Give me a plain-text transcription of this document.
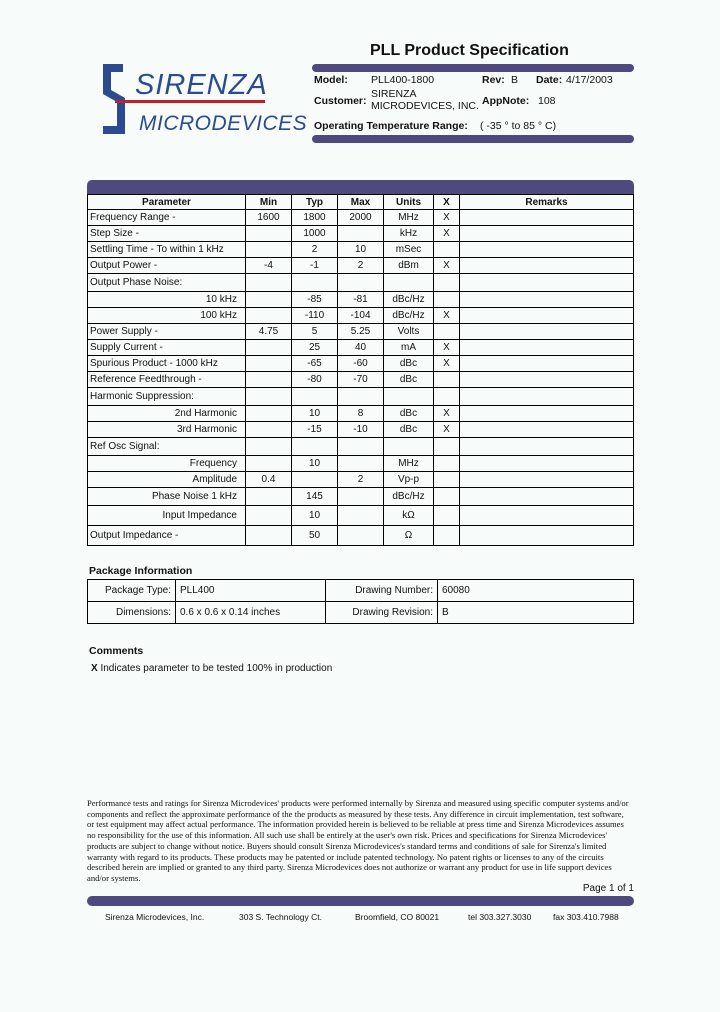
SIRENZA
MICRODEVICES
PLL Product Specification
Model: PLL400-1800	Rev: B Date: 4/17/2003
Customer:
SIRENZA
MICRODEVICES, INC. AppNote: 108
Operating Temperature Range: ( -35 ° to 85 ° C)
Parameter	Min	Typ	Max	Units	X	Remarks
Frequency Range -	1600	1800	2000	MHz	X	
Step Size -		1000		kHz	X	
Settling Time - To within 1 kHz		2	10	mSec		
Output Power -	-4	-1	2	dBm	X	
Output Phase Noise:						
10 kHz		-85	-81	dBc/Hz		
100 kHz		-110	-104	dBc/Hz	X	
Power Supply -	4.75	5	5.25	Volts		
Supply Current -		25	40	mA	X	
Spurious Product - 1000 kHz		-65	-60	dBc	X	
Reference Feedthrough -		-80	-70	dBc		
Harmonic Suppression:						
2nd Harmonic		10	8	dBc	X	
3rd Harmonic		-15	-10	dBc	X	
Ref Osc Signal:						
Frequency		10		MHz		
Amplitude	0.4		2	Vp-p		
Phase Noise 1 kHz		145		dBc/Hz		
Input Impedance		10		kΩ		
Output Impedance -		50		Ω		
Package Information
Package Type:	PLL400	Drawing Number:	60080
Dimensions:	0.6 x 0.6 x 0.14 inches	Drawing Revision:	B
Comments
X Indicates parameter to be tested 100% in production
Performance tests and ratings for Sirenza Microdevices' products were performed internally by Sirenza and measured using specific computer systems and/or components and reflect the approximate performance of the the products as measured by these tests. Any difference in circuit implementation, test software, or test equipment may affect actual performance. The information provided herein is believed to be reliable at press time and Sirenza Microdevices assumes no responsibility for the use of this information. All such use shall be entirely at the user's own risk. Prices and specifications for Sirenza Microdevices' products are subject to change without notice. Buyers should consult Sirenza Microdevices's standard terms and conditions of sale for Sirenza's limited warranty with regard to its products. These products may be patented or include patented technology. No patent rights or licenses to any of the circuits described herein are implied or granted to any third party. Sirenza Microdevices does not authorize or warrant any product for use in life support devices and/or systems.
Page 1 of 1
Sirenza Microdevices, Inc.	303 S. Technology Ct.	Broomfield, CO 80021	tel 303.327.3030	fax 303.410.7988
